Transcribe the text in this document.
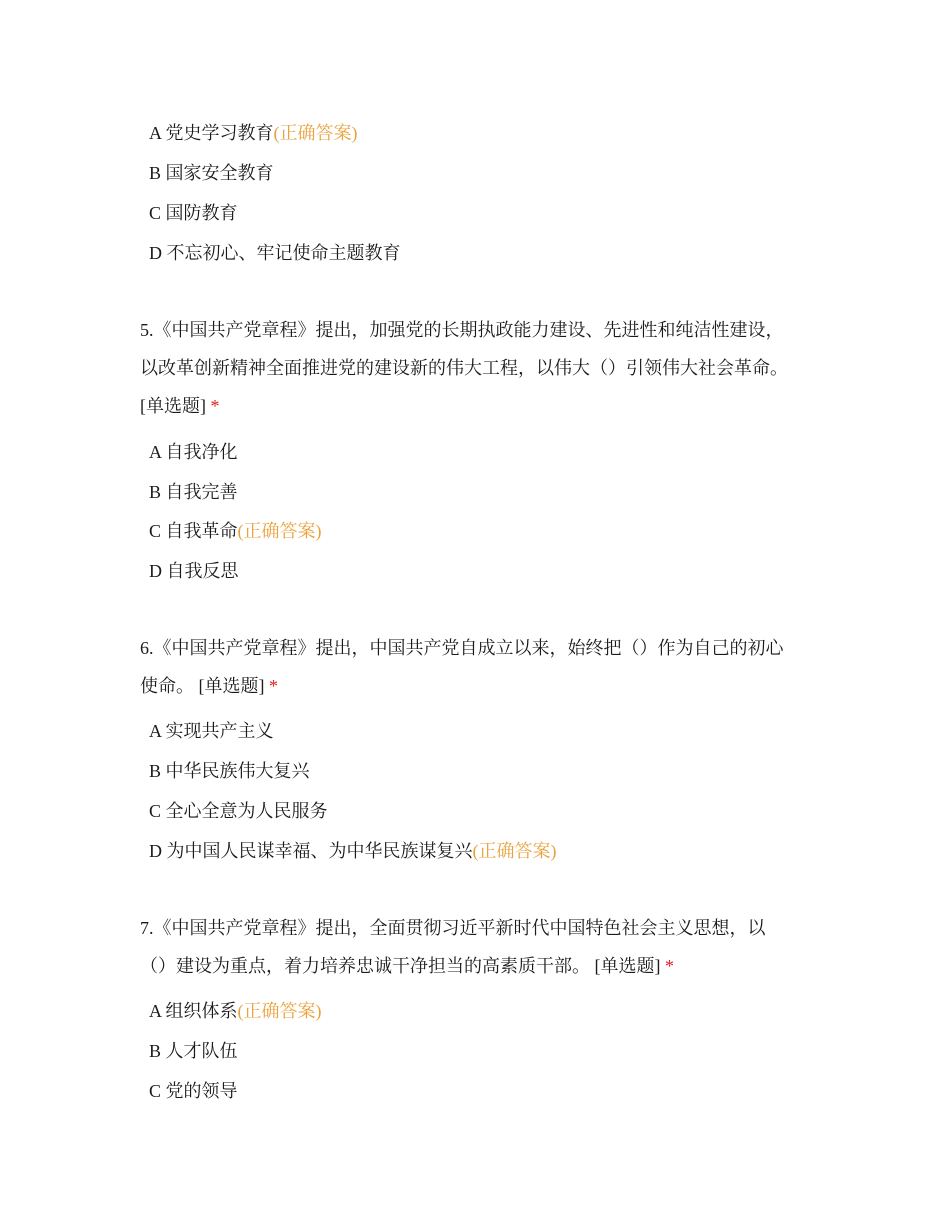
A 党史学习教育(正确答案)
B 国家安全教育
C 国防教育
D 不忘初心、牢记使命主题教育
5.《中国共产党章程》提出，加强党的长期执政能力建设、先进性和纯洁性建设，
以改革创新精神全面推进党的建设新的伟大工程，以伟大（）引领伟大社会革命。
[单选题] *
A 自我净化
B 自我完善
C 自我革命(正确答案)
D 自我反思
6.《中国共产党章程》提出，中国共产党自成立以来，始终把（）作为自己的初心
使命。 [单选题] *
A 实现共产主义
B 中华民族伟大复兴
C 全心全意为人民服务
D 为中国人民谋幸福、为中华民族谋复兴(正确答案)
7.《中国共产党章程》提出，全面贯彻习近平新时代中国特色社会主义思想，以
（）建设为重点，着力培养忠诚干净担当的高素质干部。 [单选题] *
A 组织体系(正确答案)
B 人才队伍
C 党的领导
